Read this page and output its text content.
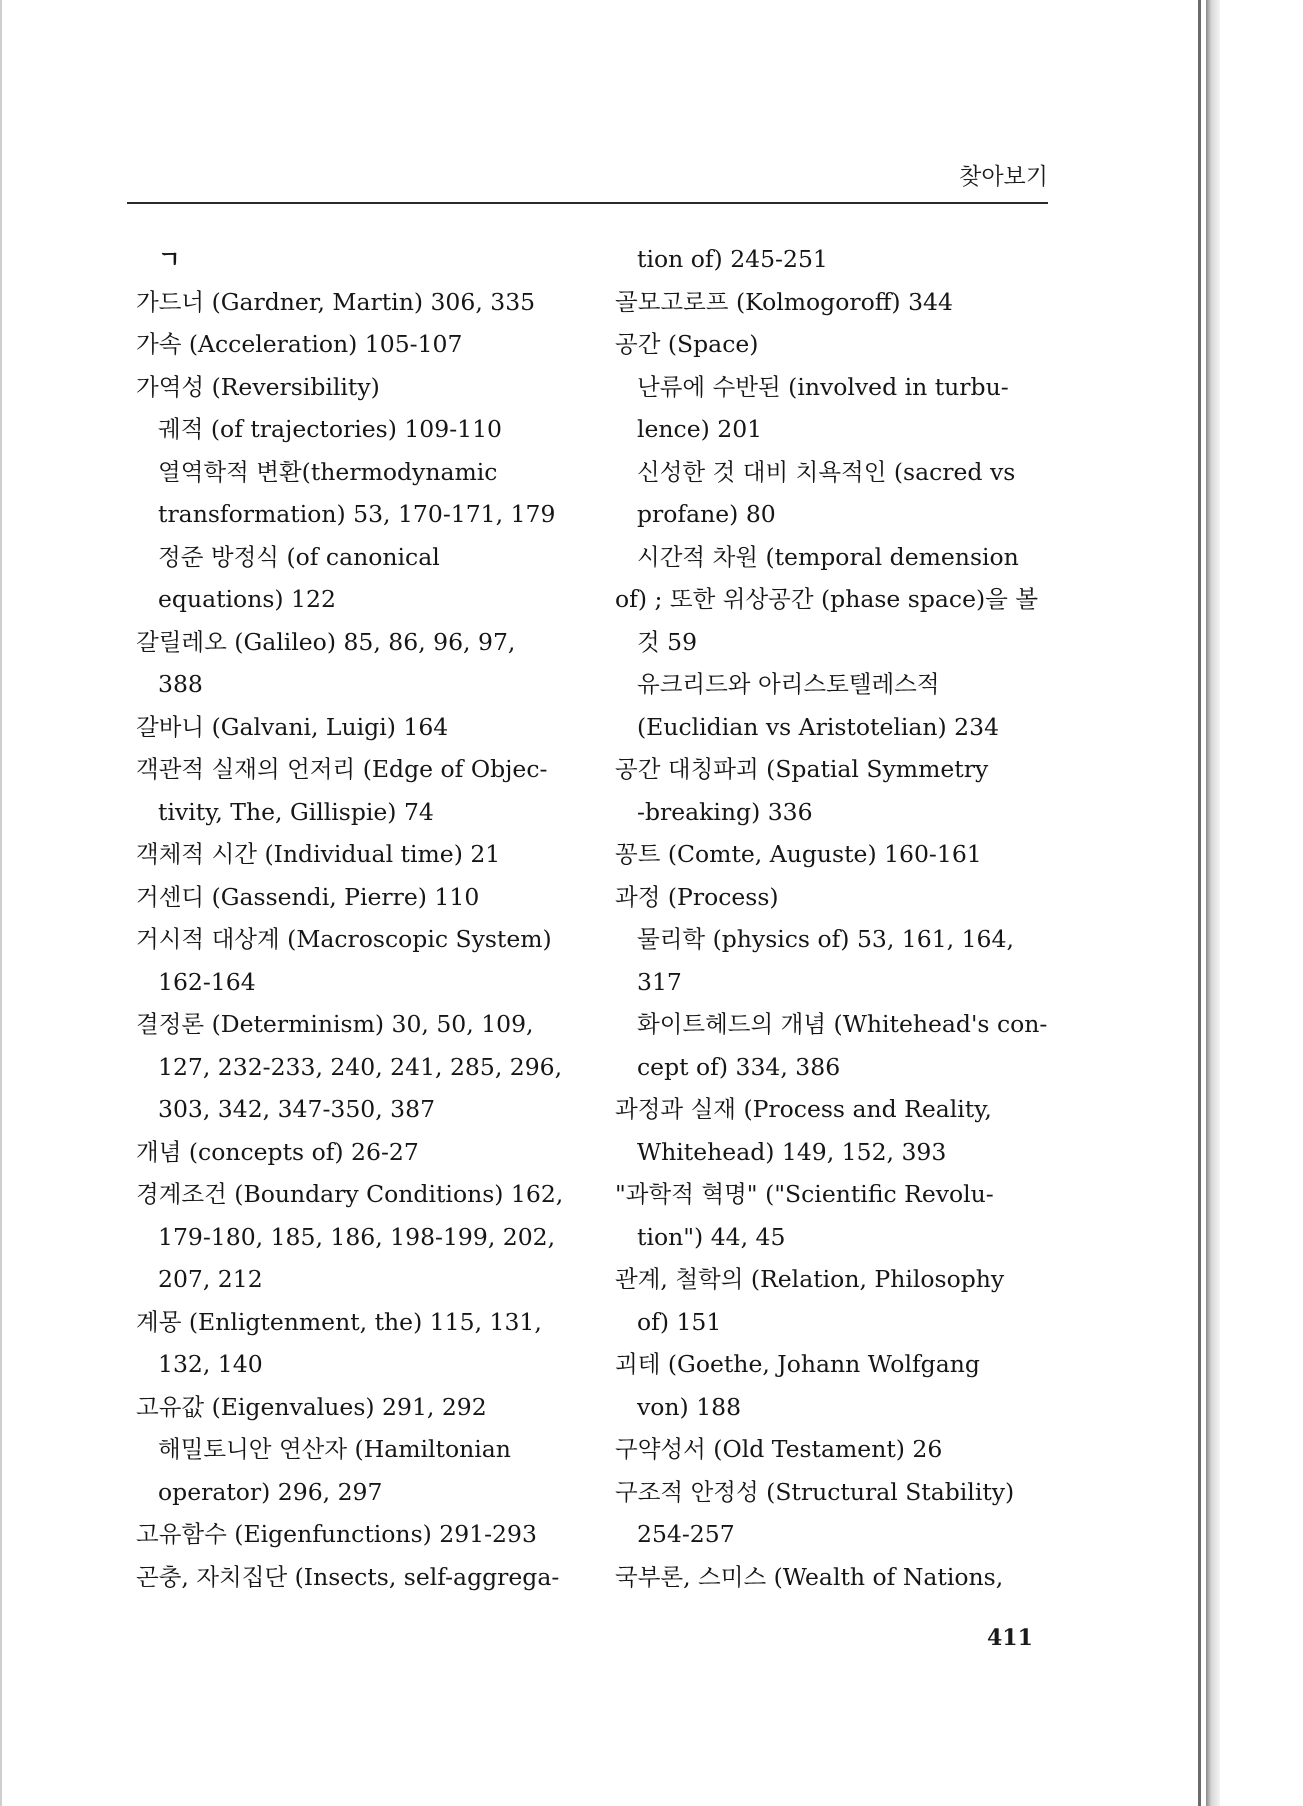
찾아보기
ㄱ
가드너 (Gardner, Martin) 306, 335
가속 (Acceleration) 105-107
가역성 (Reversibility)
궤적 (of trajectories) 109-110
열역학적 변환(thermodynamic
transformation) 53, 170-171, 179
정준 방정식 (of canonical
equations) 122
갈릴레오 (Galileo) 85, 86, 96, 97,
388
갈바니 (Galvani, Luigi) 164
객관적 실재의 언저리 (Edge of Objec-
tivity, The, Gillispie) 74
객체적 시간 (Individual time) 21
거센디 (Gassendi, Pierre) 110
거시적 대상계 (Macroscopic System)
162-164
결정론 (Determinism) 30, 50, 109,
127, 232-233, 240, 241, 285, 296,
303, 342, 347-350, 387
개념 (concepts of) 26-27
경계조건 (Boundary Conditions) 162,
179-180, 185, 186, 198-199, 202,
207, 212
계몽 (Enligtenment, the) 115, 131,
132, 140
고유값 (Eigenvalues) 291, 292
해밀토니안 연산자 (Hamiltonian
operator) 296, 297
고유함수 (Eigenfunctions) 291-293
곤충, 자치집단 (Insects, self-aggrega-
tion of) 245-251
골모고로프 (Kolmogoroff) 344
공간 (Space)
난류에 수반된 (involved in turbu-
lence) 201
신성한 것 대비 치욕적인 (sacred vs
profane) 80
시간적 차원 (temporal demension
of) ; 또한 위상공간 (phase space)을 볼
것 59
유크리드와 아리스토텔레스적
(Euclidian vs Aristotelian) 234
공간 대칭파괴 (Spatial Symmetry
-breaking) 336
꽁트 (Comte, Auguste) 160-161
과정 (Process)
물리학 (physics of) 53, 161, 164,
317
화이트헤드의 개념 (Whitehead's con-
cept of) 334, 386
과정과 실재 (Process and Reality,
Whitehead) 149, 152, 393
"과학적 혁명" ("Scientific Revolu-
tion") 44, 45
관계, 철학의 (Relation, Philosophy
of) 151
괴테 (Goethe, Johann Wolfgang
von) 188
구약성서 (Old Testament) 26
구조적 안정성 (Structural Stability)
254-257
국부론, 스미스 (Wealth of Nations,
411
